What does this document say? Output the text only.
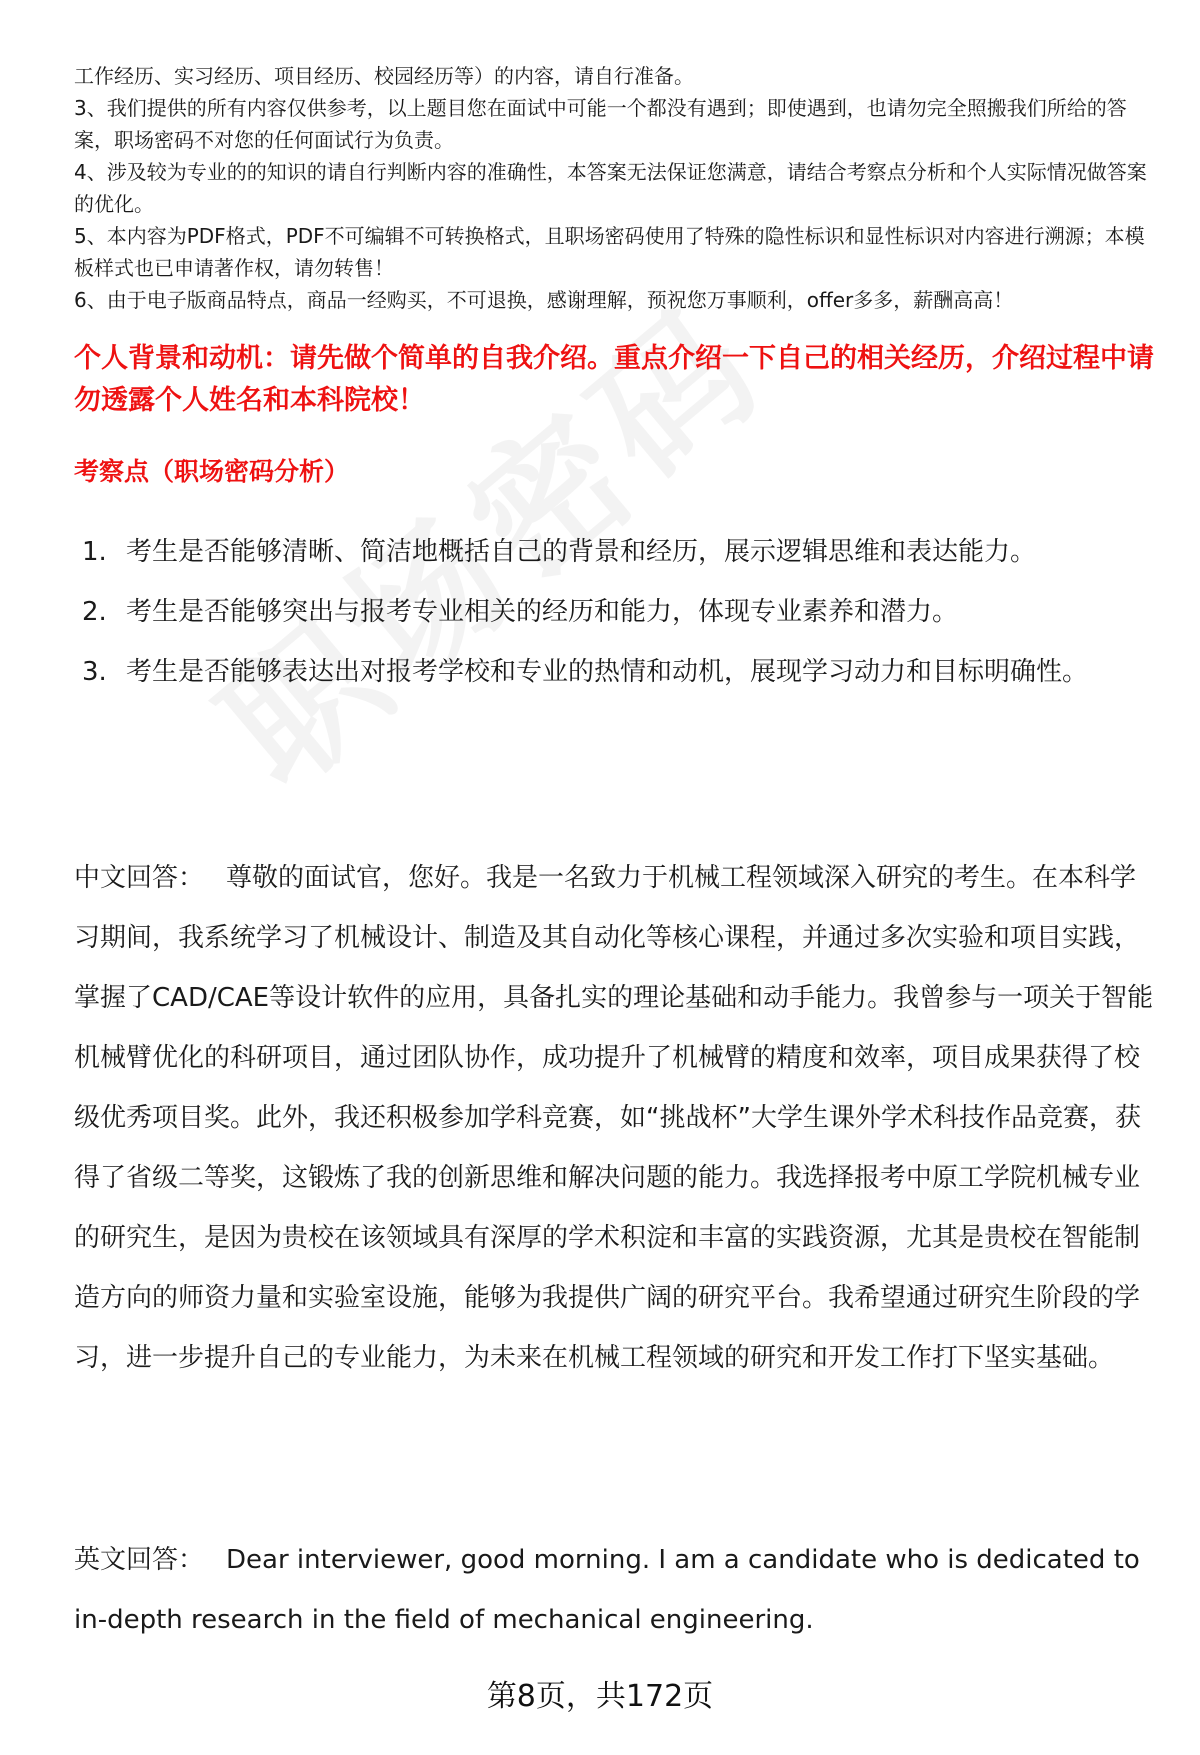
工作经历、实习经历、项目经历、校园经历等）的内容，请自行准备。

3、我们提供的所有内容仅供参考，以上题目您在面试中可能一个都没有遇到；即使遇到，也请勿完全照搬我们所给的答案，职场密码不对您的任何面试行为负责。

4、涉及较为专业的的知识的请自行判断内容的准确性，本答案无法保证您满意，请结合考察点分析和个人实际情况做答案的优化。

5、本内容为PDF格式，PDF不可编辑不可转换格式，且职场密码使用了特殊的隐性标识和显性标识对内容进行溯源；本模板样式也已申请著作权，请勿转售！

6、由于电子版商品特点，商品一经购买，不可退换，感谢理解，预祝您万事顺利，offer多多，薪酬高高！

个人背景和动机：请先做个简单的自我介绍。重点介绍一下自己的相关经历，介绍过程中请勿透露个人姓名和本科院校！
考察点（职场密码分析）
1. 考生是否能够清晰、简洁地概括自己的背景和经历，展示逻辑思维和表达能力。
2. 考生是否能够突出与报考专业相关的经历和能力，体现专业素养和潜力。
3. 考生是否能够表达出对报考学校和专业的热情和动机，展现学习动力和目标明确性。

中文回答： 尊敬的面试官，您好。我是一名致力于机械工程领域深入研究的考生。在本科学习期间，我系统学习了机械设计、制造及其自动化等核心课程，并通过多次实验和项目实践，掌握了CAD/CAE等设计软件的应用，具备扎实的理论基础和动手能力。我曾参与一项关于智能机械臂优化的科研项目，通过团队协作，成功提升了机械臂的精度和效率，项目成果获得了校级优秀项目奖。此外，我还积极参加学科竞赛，如“挑战杯”大学生课外学术科技作品竞赛，获得了省级二等奖，这锻炼了我的创新思维和解决问题的能力。我选择报考中原工学院机械专业的研究生，是因为贵校在该领域具有深厚的学术积淀和丰富的实践资源，尤其是贵校在智能制造方向的师资力量和实验室设施，能够为我提供广阔的研究平台。我希望通过研究生阶段的学习，进一步提升自己的专业能力，为未来在机械工程领域的研究和开发工作打下坚实基础。

英文回答： Dear interviewer, good morning. I am a candidate who is dedicated to in-depth research in the field of mechanical engineering.

第8页，共172页
